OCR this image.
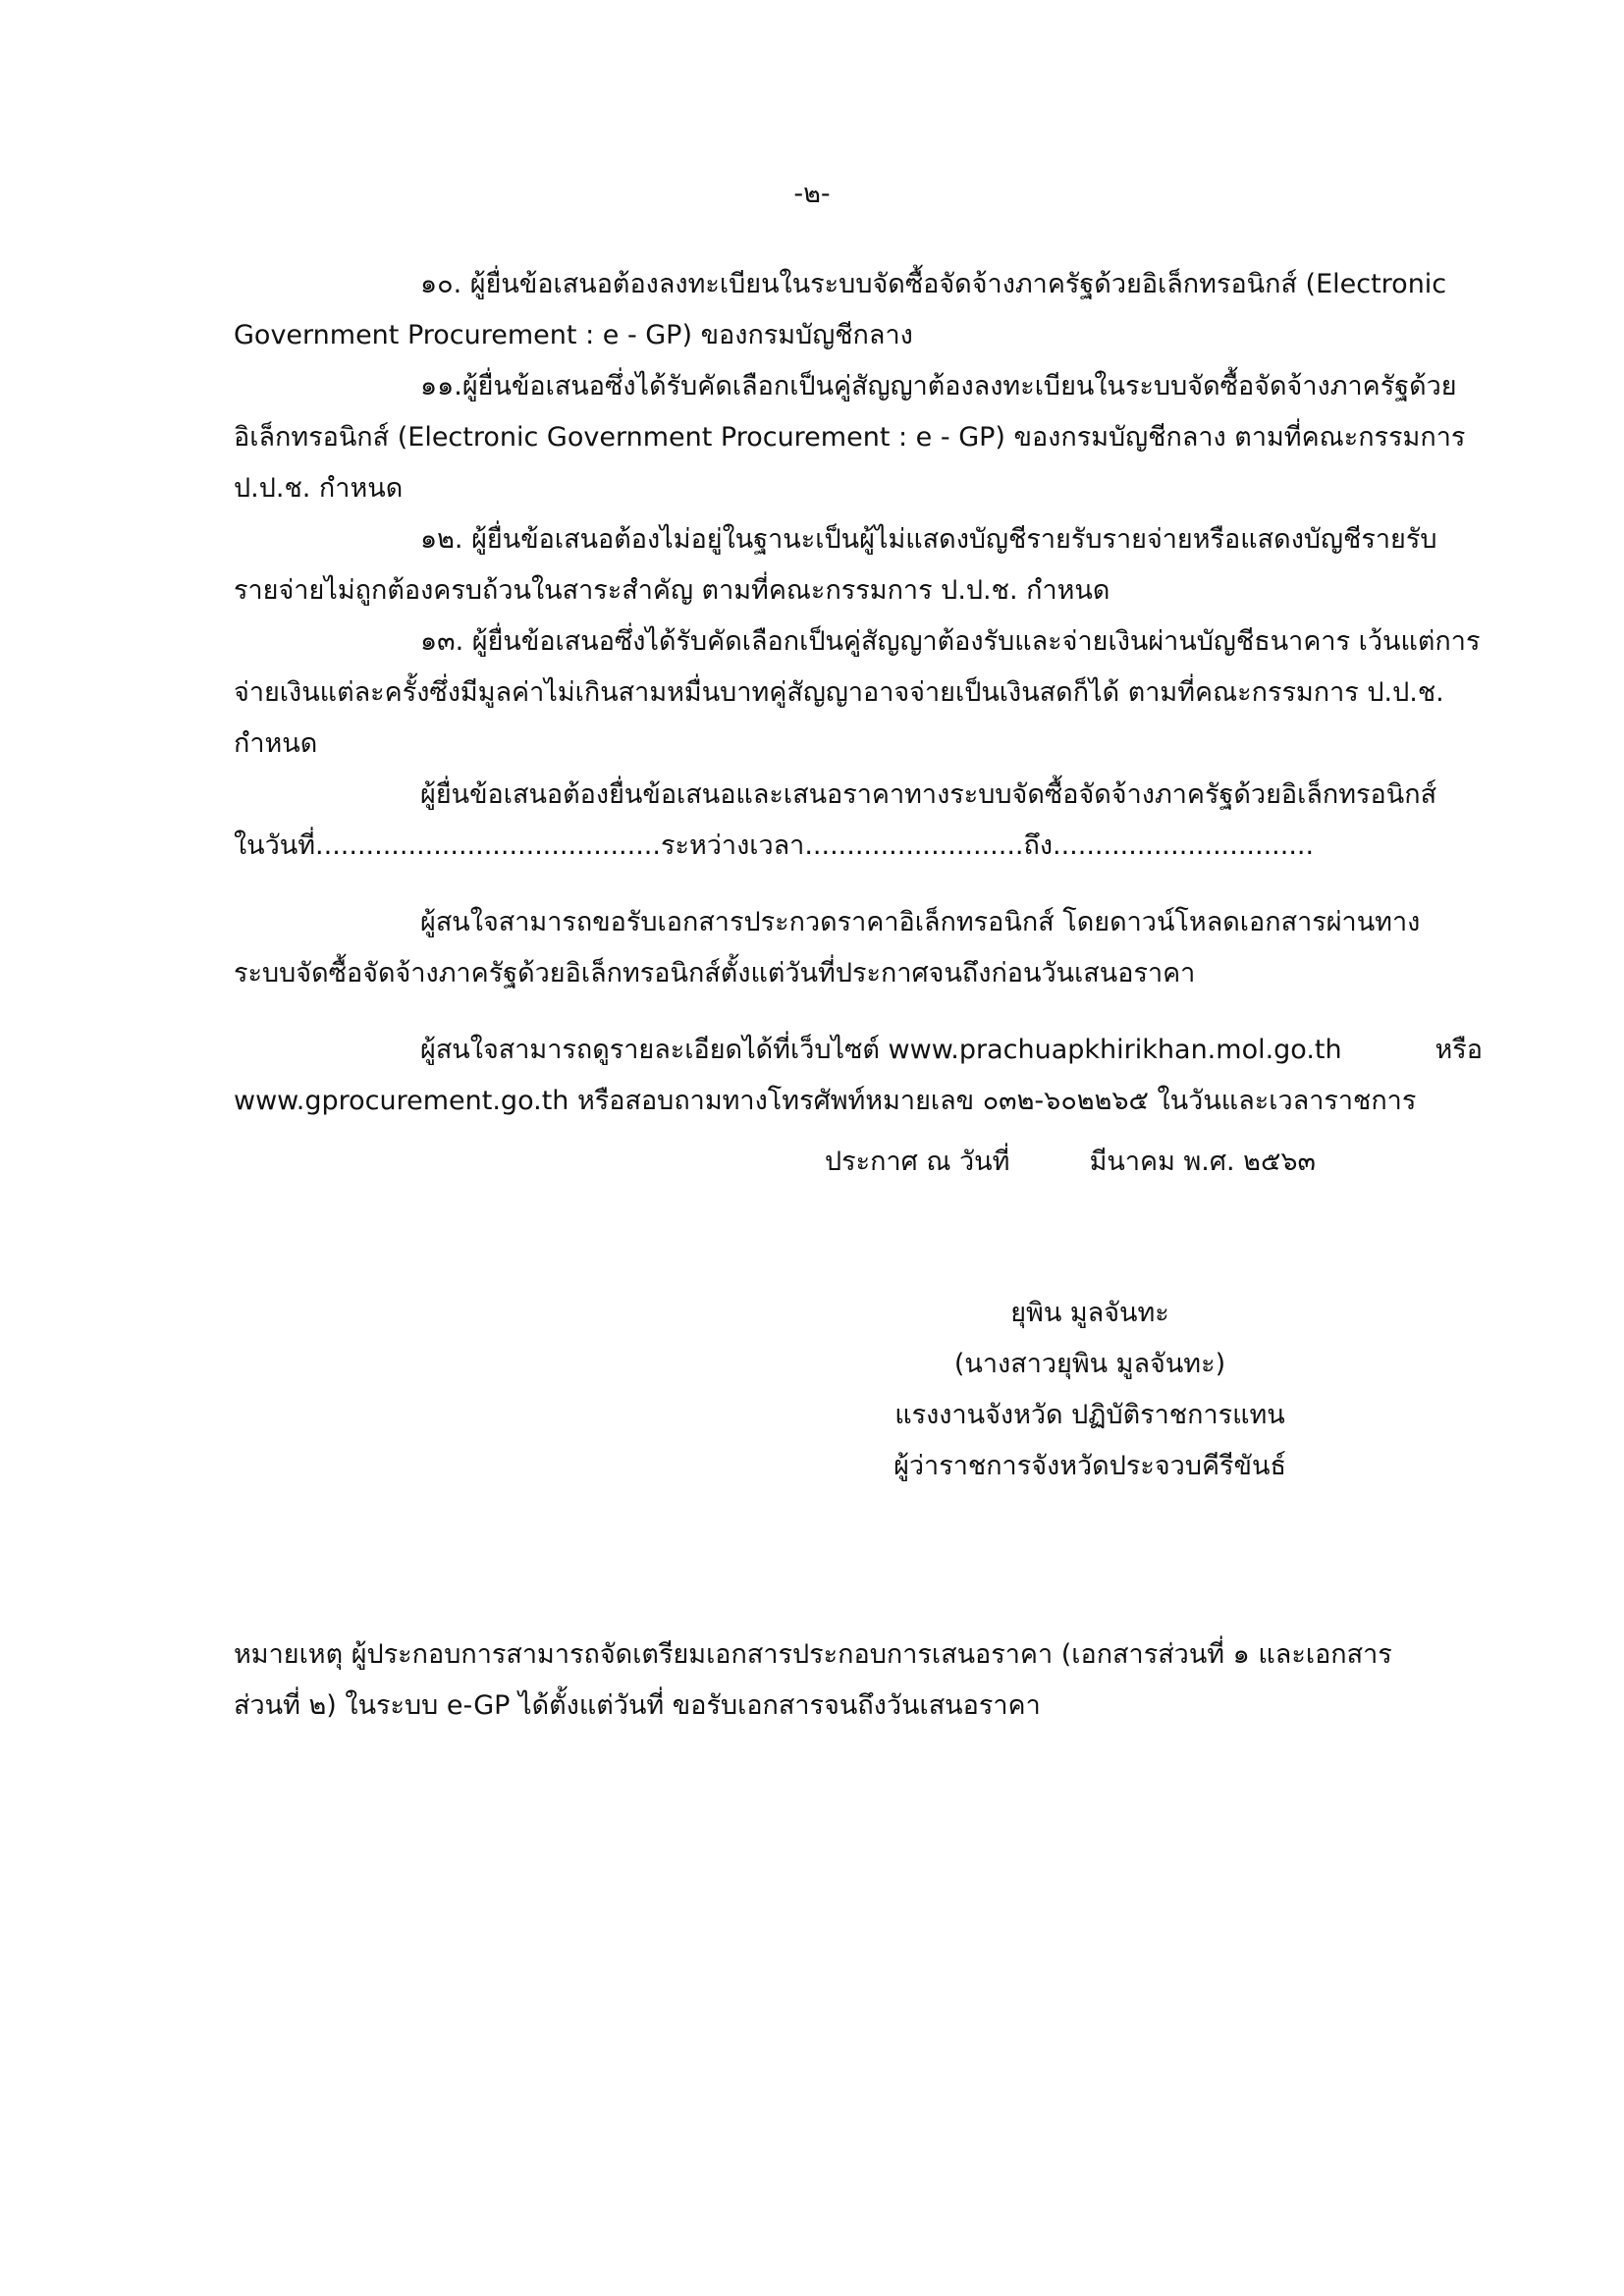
-๒-

๑๐. ผู้ยื่นข้อเสนอต้องลงทะเบียนในระบบจัดซื้อจัดจ้างภาครัฐด้วยอิเล็กทรอนิกส์ (Electronic
Government Procurement : e - GP) ของกรมบัญชีกลาง

๑๑.ผู้ยื่นข้อเสนอซึ่งได้รับคัดเลือกเป็นคู่สัญญาต้องลงทะเบียนในระบบจัดซื้อจัดจ้างภาครัฐด้วย
อิเล็กทรอนิกส์ (Electronic Government Procurement : e - GP) ของกรมบัญชีกลาง ตามที่คณะกรรมการ
ป.ป.ช. กำหนด

๑๒. ผู้ยื่นข้อเสนอต้องไม่อยู่ในฐานะเป็นผู้ไม่แสดงบัญชีรายรับรายจ่ายหรือแสดงบัญชีรายรับ
รายจ่ายไม่ถูกต้องครบถ้วนในสาระสำคัญ ตามที่คณะกรรมการ ป.ป.ช. กำหนด

๑๓. ผู้ยื่นข้อเสนอซึ่งได้รับคัดเลือกเป็นคู่สัญญาต้องรับและจ่ายเงินผ่านบัญชีธนาคาร เว้นแต่การ
จ่ายเงินแต่ละครั้งซึ่งมีมูลค่าไม่เกินสามหมื่นบาทคู่สัญญาอาจจ่ายเป็นเงินสดก็ได้ ตามที่คณะกรรมการ ป.ป.ช.
กำหนด

ผู้ยื่นข้อเสนอต้องยื่นข้อเสนอและเสนอราคาทางระบบจัดซื้อจัดจ้างภาครัฐด้วยอิเล็กทรอนิกส์
ในวันที่.........................................ระหว่างเวลา..........................ถึง...............................

ผู้สนใจสามารถขอรับเอกสารประกวดราคาอิเล็กทรอนิกส์ โดยดาวน์โหลดเอกสารผ่านทาง
ระบบจัดซื้อจัดจ้างภาครัฐด้วยอิเล็กทรอนิกส์ตั้งแต่วันที่ประกาศจนถึงก่อนวันเสนอราคา

ผู้สนใจสามารถดูรายละเอียดได้ที่เว็บไซต์ www.prachuapkhirikhan.mol.go.th	หรือ
www.gprocurement.go.th หรือสอบถามทางโทรศัพท์หมายเลข ๐๓๒-๖๐๒๒๖๕ ในวันและเวลาราชการ

ประกาศ ณ วันที่	มีนาคม พ.ศ. ๒๕๖๓
ยุพิน มูลจันทะ
(นางสาวยุพิน มูลจันทะ)
แรงงานจังหวัด ปฏิบัติราชการแทน
ผู้ว่าราชการจังหวัดประจวบคีรีขันธ์
หมายเหตุ ผู้ประกอบการสามารถจัดเตรียมเอกสารประกอบการเสนอราคา (เอกสารส่วนที่ ๑ และเอกสาร
ส่วนที่ ๒) ในระบบ e-GP ได้ตั้งแต่วันที่ ขอรับเอกสารจนถึงวันเสนอราคา
